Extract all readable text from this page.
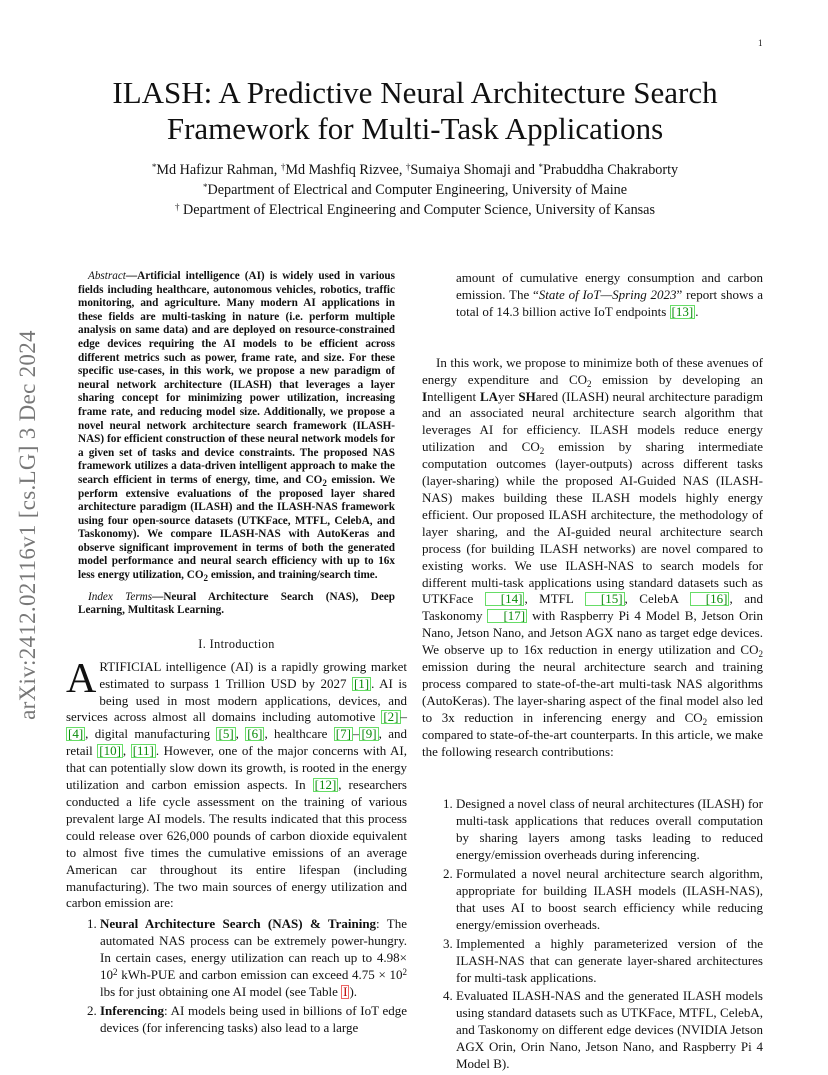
1
arXiv:2412.02116v1 [cs.LG] 3 Dec 2024
ILASH: A Predictive Neural Architecture Search
Framework for Multi-Task Applications
*Md Hafizur Rahman, †Md Mashfiq Rizvee, †Sumaiya Shomaji and *Prabuddha Chakraborty
*Department of Electrical and Computer Engineering, University of Maine
† Department of Electrical Engineering and Computer Science, University of Kansas

Abstract—Artificial intelligence (AI) is widely used in various fields including healthcare, autonomous vehicles, robotics, traffic monitoring, and agriculture. Many modern AI applications in these fields are multi-tasking in nature (i.e. perform multiple analysis on same data) and are deployed on resource-constrained edge devices requiring the AI models to be efficient across different metrics such as power, frame rate, and size. For these specific use-cases, in this work, we propose a new paradigm of neural network architecture (ILASH) that leverages a layer sharing concept for minimizing power utilization, increasing frame rate, and reducing model size. Additionally, we propose a novel neural network architecture search framework (ILASH-NAS) for efficient construction of these neural network models for a given set of tasks and device constraints. The proposed NAS framework utilizes a data-driven intelligent approach to make the search efficient in terms of energy, time, and $CO_2$ emission. We perform extensive evaluations of the proposed layer shared architecture paradigm (ILASH) and the ILASH-NAS framework using four open-source datasets (UTKFace, MTFL, CelebA, and Taskonomy). We compare ILASH-NAS with AutoKeras and observe significant improvement in terms of both the generated model performance and neural search efficiency with up to 16x less energy utilization, $CO_2$ emission, and training/search time.

Index Terms—Neural Architecture Search (NAS), Deep Learning, Multitask Learning.

I. Introduction

ARTIFICIAL intelligence (AI) is a rapidly growing market estimated to surpass 1 Trillion USD by 2027 [1] . AI is being used in most modern applications, devices, and services across almost all domains including automotive [2] –[4] , digital manufacturing [5] , [6] , healthcare [7] – [9] , and retail [10] , [11] . However, one of the major concerns with AI, that can potentially slow down its growth, is rooted in the energy utilization and carbon emission aspects. In [12] , researchers conducted a life cycle assessment on the training of various prevalent large AI models. The results indicated that this process could release over 626,000 pounds of carbon dioxide equivalent to almost five times the cumulative emissions of an average American car throughout its entire lifespan (including manufacturing). The two main sources of energy utilization and carbon emission are:

1. Neural Architecture Search (NAS) & Training: The automated NAS process can be extremely power-hungry. In certain cases, energy utilization can reach up to $4.98\times 10^2$ kWh-PUE and carbon emission can exceed $4.75 \times 10^2$ lbs for just obtaining one AI model (see Table I ).
2. Inferencing: AI models being used in billions of IoT edge devices (for inferencing tasks) also lead to a large

amount of cumulative energy consumption and carbon emission. The “State of IoT—Spring 2023” report shows a total of 14.3 billion active IoT endpoints [13] .

In this work, we propose to minimize both of these avenues of energy expenditure and $CO_2$ emission by developing an Intelligent LAyer SHared (ILASH) neural architecture paradigm and an associated neural architecture search algorithm that leverages AI for efficiency. ILASH models reduce energy utilization and $CO_2$ emission by sharing intermediate computation outcomes (layer-outputs) across different tasks (layer-sharing) while the proposed AI-Guided NAS (ILASH-NAS) makes building these ILASH models highly energy efficient. Our proposed ILASH architecture, the methodology of layer sharing, and the AI-guided neural architecture search process (for building ILASH networks) are novel compared to existing works. We use ILASH-NAS to search models for different multi-task applications using standard datasets such as UTKFace [14] , MTFL [15] , CelebA [16] , and Taskonomy [17] with Raspberry Pi 4 Model B, Jetson Orin Nano, Jetson Nano, and Jetson AGX nano as target edge devices. We observe up to 16x reduction in energy utilization and $CO_2$ emission during the neural architecture search and training process compared to state-of-the-art multi-task NAS algorithms (AutoKeras). The layer-sharing aspect of the final model also led to 3x reduction in inferencing energy and $CO_2$ emission compared to state-of-the-art counterparts. In this article, we make the following research contributions:

1. Designed a novel class of neural architectures (ILASH) for multi-task applications that reduces overall computation by sharing layers among tasks leading to reduced energy/emission overheads during inferencing.
2. Formulated a novel neural architecture search algorithm, appropriate for building ILASH models (ILASH-NAS), that uses AI to boost search efficiency while reducing energy/emission overheads.
3. Implemented a highly parameterized version of the ILASH-NAS that can generate layer-shared architectures for multi-task applications.
4. Evaluated ILASH-NAS and the generated ILASH models using standard datasets such as UTKFace, MTFL, CelebA, and Taskonomy on different edge devices (NVIDIA Jetson AGX Orin, Orin Nano, Jetson Nano, and Raspberry Pi 4 Model B).
